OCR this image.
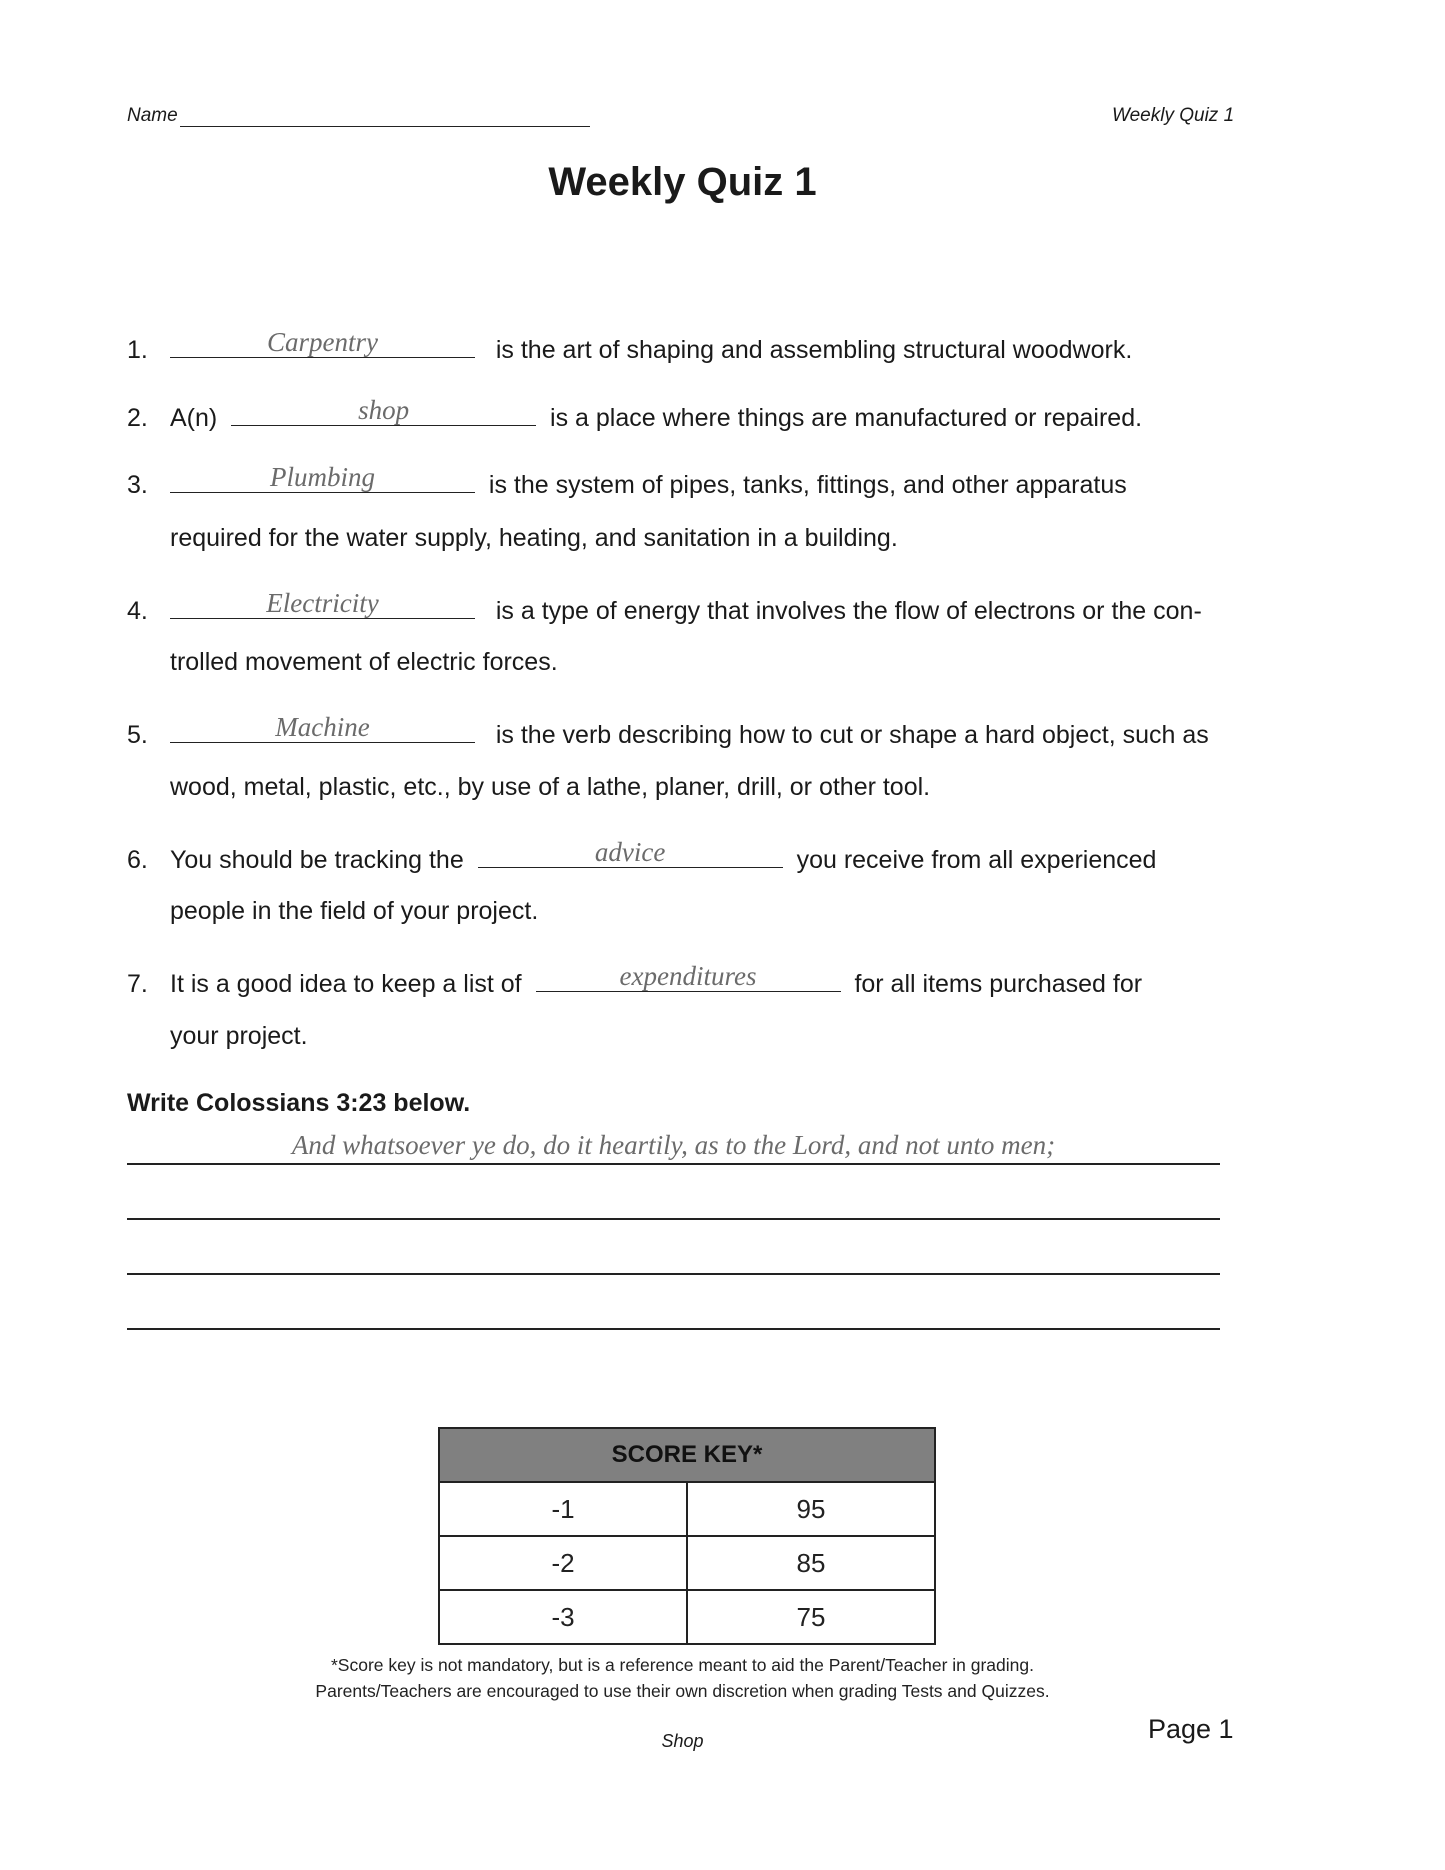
Name	Weekly Quiz 1
Weekly Quiz 1
1.	Carpentry	is the art of shaping and assembling structural woodwork.
2. A(n)	shop	is a place where things are manufactured or repaired.
3.	Plumbing	is the system of pipes, tanks, fittings, and other apparatus
required for the water supply, heating, and sanitation in a building.
4.	Electricity	is a type of energy that involves the flow of electrons or the con-
trolled movement of electric forces.
5.	Machine	is the verb describing how to cut or shape a hard object, such as
wood, metal, plastic, etc., by use of a lathe, planer, drill, or other tool.
6. You should be tracking the	advice	you receive from all experienced
people in the field of your project.
7. It is a good idea to keep a list of	expenditures	for all items purchased for
your project.
Write Colossians 3:23 below.
And whatsoever ye do, do it heartily, as to the Lord, and not unto men;
SCORE KEY*	
-1	95
-2	85
-3	75
*Score key is not mandatory, but is a reference meant to aid the Parent/Teacher in grading.
Parents/Teachers are encouraged to use their own discretion when grading Tests and Quizzes.
Shop	Page 1
